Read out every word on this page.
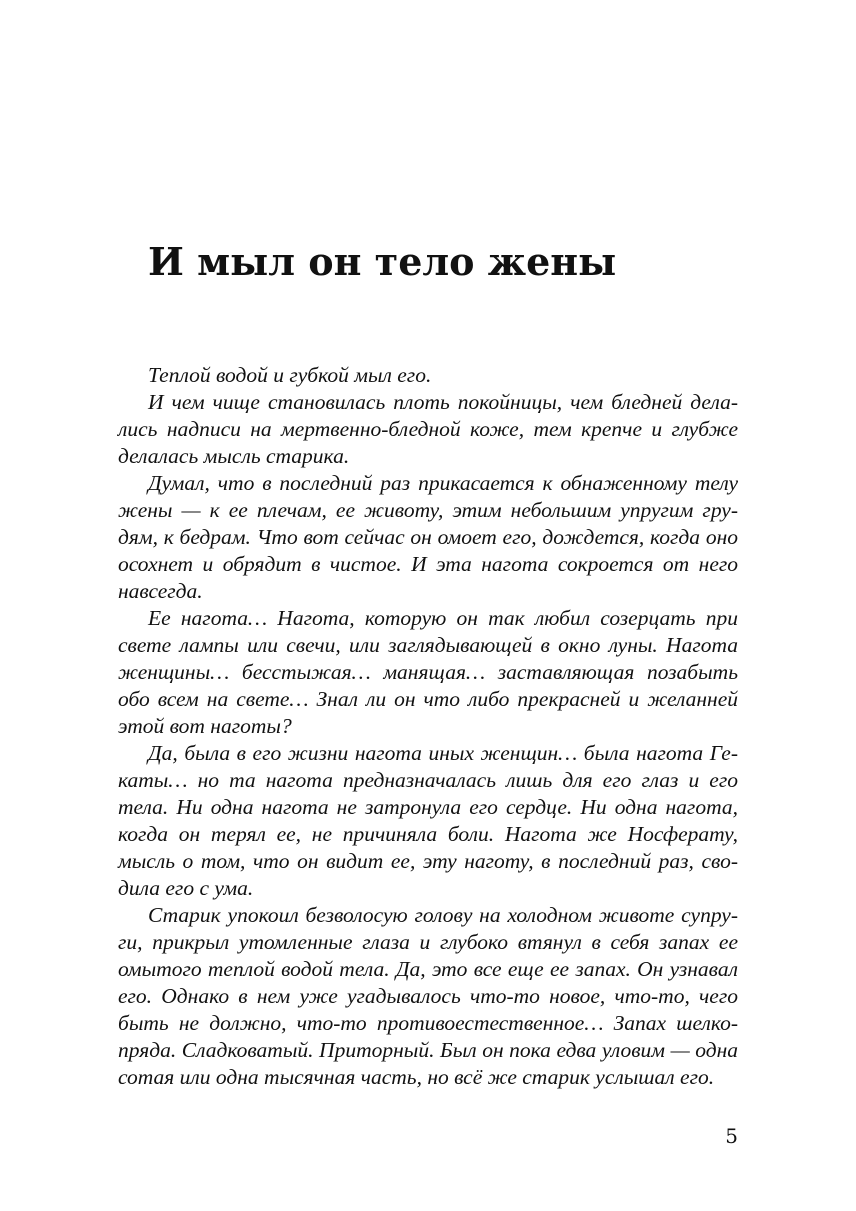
И мыл он тело жены
Теплой водой и губкой мыл его.
И чем чище становилась плоть покойницы, чем бледней дела-
лись надписи на мертвенно-бледной коже, тем крепче и глубже
делалась мысль старика.
Думал, что в последний раз прикасается к обнаженному телу
жены — к ее плечам, ее животу, этим небольшим упругим гру-
дям, к бедрам. Что вот сейчас он омоет его, дождется, когда оно
осохнет и обрядит в чистое. И эта нагота сокроется от него
навсегда.
Ее нагота… Нагота, которую он так любил созерцать при
свете лампы или свечи, или заглядывающей в окно луны. Нагота
женщины… бесстыжая… манящая… заставляющая позабыть
обо всем на свете… Знал ли он что либо прекрасней и желанней
этой вот наготы?
Да, была в его жизни нагота иных женщин… была нагота Ге-
каты… но та нагота предназначалась лишь для его глаз и его
тела. Ни одна нагота не затронула его сердце. Ни одна нагота,
когда он терял ее, не причиняла боли. Нагота же Носферату,
мысль о том, что он видит ее, эту наготу, в последний раз, сво-
дила его с ума.
Старик упокоил безволосую голову на холодном животе супру-
ги, прикрыл утомленные глаза и глубоко втянул в себя запах ее
омытого теплой водой тела. Да, это все еще ее запах. Он узнавал
его. Однако в нем уже угадывалось что-то новое, что-то, чего
быть не должно, что-то противоестественное… Запах шелко-
пряда. Сладковатый. Приторный. Был он пока едва уловим — одна
сотая или одна тысячная часть, но всё же старик услышал его.
5
